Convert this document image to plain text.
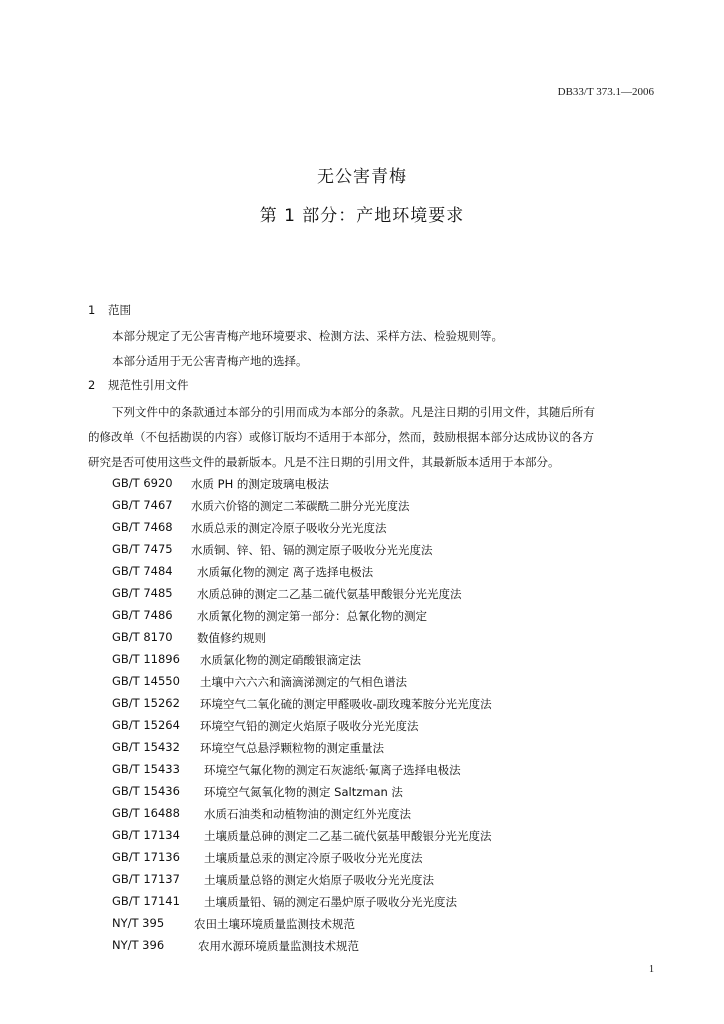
DB33/T 373.1—2006
无公害青梅
第 1 部分：产地环境要求
1 范围
本部分规定了无公害青梅产地环境要求、检测方法、采样方法、检验规则等。
本部分适用于无公害青梅产地的选择。
2 规范性引用文件
下列文件中的条款通过本部分的引用而成为本部分的条款。凡是注日期的引用文件，其随后所有
的修改单（不包括勘误的内容）或修订版均不适用于本部分，然而，鼓励根据本部分达成协议的各方
研究是否可使用这些文件的最新版本。凡是不注日期的引用文件，其最新版本适用于本部分。
GB/T 6920 水质 PH 的测定玻璃电极法
GB/T 7467 水质六价铬的测定二苯碳酰二肼分光光度法
GB/T 7468 水质总汞的测定冷原子吸收分光光度法
GB/T 7475 水质铜、锌、铅、镉的测定原子吸收分光光度法
GB/T 7484 水质氟化物的测定 离子选择电极法
GB/T 7485 水质总砷的测定二乙基二硫代氨基甲酸银分光光度法
GB/T 7486 水质氰化物的测定第一部分：总氰化物的测定
GB/T 8170 数值修约规则
GB/T 11896 水质氯化物的测定硝酸银滴定法
GB/T 14550 土壤中六六六和滴滴涕测定的气相色谱法
GB/T 15262 环境空气二氧化硫的测定甲醛吸收-副玫瑰苯胺分光光度法
GB/T 15264 环境空气铅的测定火焰原子吸收分光光度法
GB/T 15432 环境空气总悬浮颗粒物的测定重量法
GB/T 15433 环境空气氟化物的测定石灰滤纸·氟离子选择电极法
GB/T 15436 环境空气氮氧化物的测定 Saltzman 法
GB/T 16488 水质石油类和动植物油的测定红外光度法
GB/T 17134 土壤质量总砷的测定二乙基二硫代氨基甲酸银分光光度法
GB/T 17136 土壤质量总汞的测定冷原子吸收分光光度法
GB/T 17137 土壤质量总铬的测定火焰原子吸收分光光度法
GB/T 17141 土壤质量铅、镉的测定石墨炉原子吸收分光光度法
NY/T 395	农田土壤环境质量监测技术规范
NY/T 396	农用水源环境质量监测技术规范
1
